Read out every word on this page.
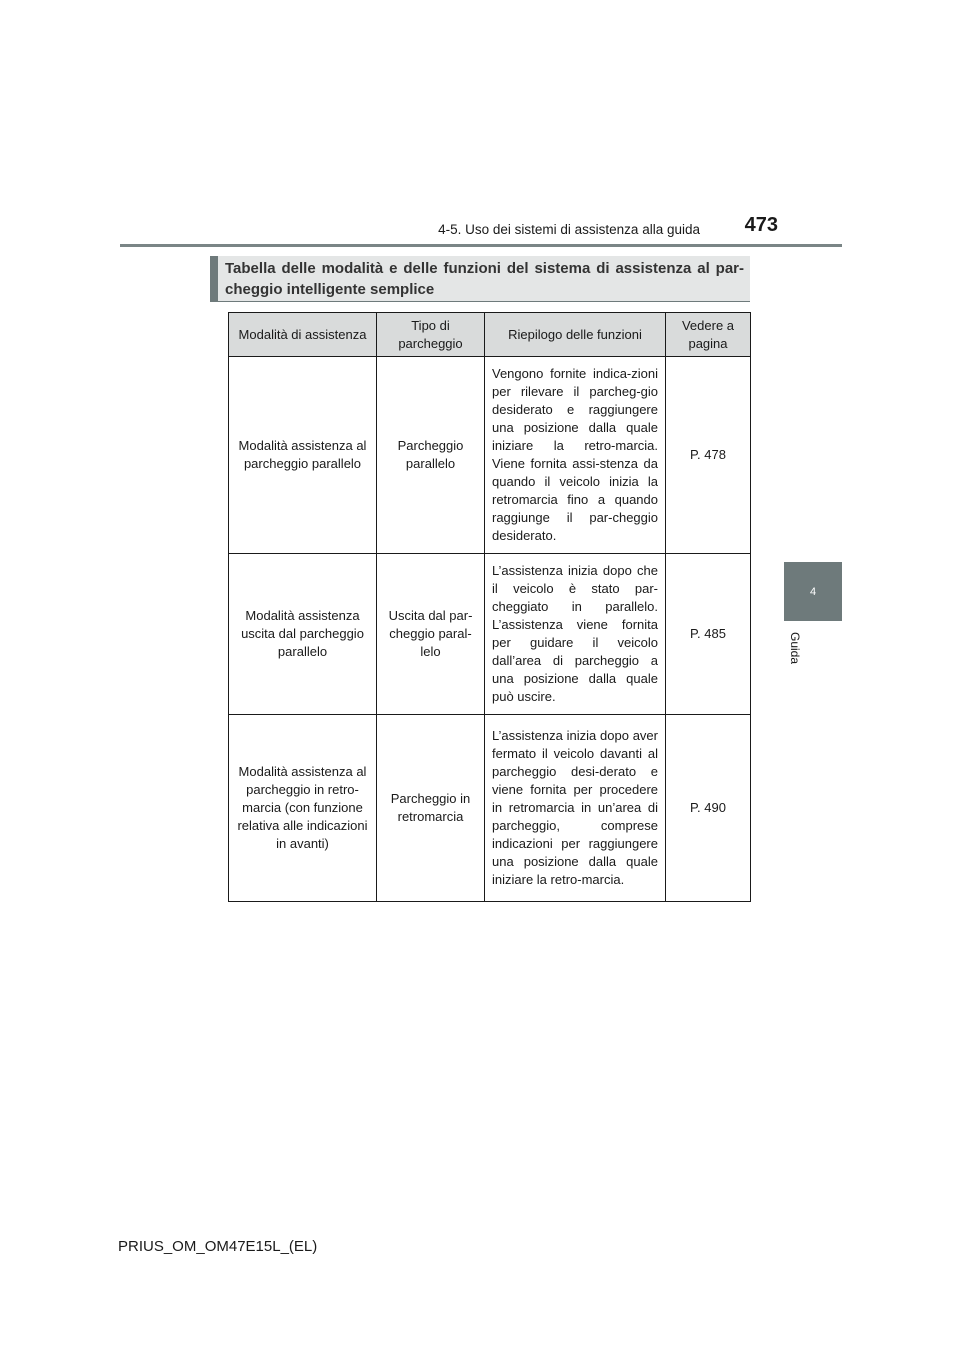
4-5. Uso dei sistemi di assistenza alla guida	473
4
Guida
Tabella delle modalità e delle funzioni del sistema di assistenza al par-cheggio intelligente semplice
Modalità di assistenza	Tipo di parcheggio	Riepilogo delle funzioni	Vedere a pagina
Modalità assistenza al parcheggio parallelo	Parcheggio parallelo	Vengono fornite indica-zioni per rilevare il parcheg-gio desiderato e raggiungere una posizione dalla quale iniziare la retro-marcia. Viene fornita assi-stenza da quando il veicolo inizia la retromarcia fino a quando raggiunge il par-cheggio desiderato.	P. 478
Modalità assistenza uscita dal parcheggio parallelo	Uscita dal par-cheggio paral-lelo	L’assistenza inizia dopo che il veicolo è stato par-cheggiato in parallelo. L’assistenza viene fornita per guidare il veicolo dall’area di parcheggio a una posizione dalla quale può uscire.	P. 485
Modalità assistenza al parcheggio in retro-marcia (con funzione relativa alle indicazioni in avanti)	Parcheggio in retromarcia	L’assistenza inizia dopo aver fermato il veicolo davanti al parcheggio desi-derato e viene fornita per procedere in retromarcia in un’area di parcheggio, comprese indicazioni per raggiungere una posizione dalla quale iniziare la retro-marcia.	P. 490
PRIUS_OM_OM47E15L_(EL)
